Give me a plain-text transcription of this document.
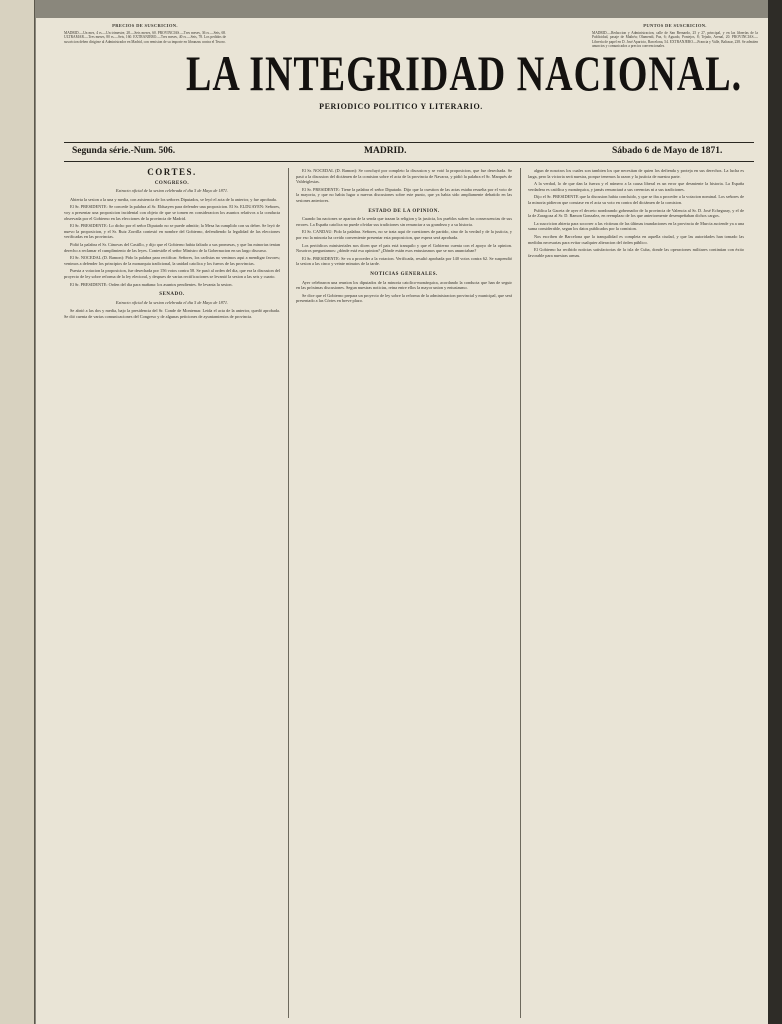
PRECIOS DE SUSCRICION.
MADRID.—Un mes, 4 rs.—Un trimestre, 28.—Seis meses, 60. PROVINCIAS.—Tres meses, 36 rs.—Seis, 68. ULTRAMAR.—Tres meses, 80 rs.—Seis, 160. EXTRANJERO.—Tres meses, 40 rs.—Seis, 78. Los pedidos de suscricion deben dirigirse al Administrador en Madrid, con remision de su importe en libranzas contra el Tesoro.
LA INTEGRIDAD NACIONAL.
PERIODICO POLITICO Y LITERARIO.
PUNTOS DE SUSCRICION.
MADRID.—Redaccion y Administracion, calle de San Bernardo, 25 y 27, principal, y en las librerías de la Publicidad, pasaje de Mathéu; Olamendi, Paz, 6; Aguado, Pontejos, 8; Tejado, Arenal, 20. PROVINCIAS.—Librería de papel en D. José Aparicio, Barcelona, 54. EXTRANJERO.—Francia y Valle, Baltasar, 238. Se admiten anuncios y comunicados a precios convencionales.
Segunda série.-Num. 506.	MADRID.	Sábado 6 de Mayo de 1871.
CÓRTES.
CONGRESO.
Extracto oficial de la sesion celebrada el dia 5 de Mayo de 1871.

Abierta la sesion a la una y media, con asistencia de los señores Diputados, se leyó el acta de la anterior, y fue aprobada.

El Sr. PRESIDENTE: Se concede la palabra al Sr. Elduayen para defender una proposicion. El Sr. ELDUAYEN: Señores, voy a presentar una proposicion incidental con objeto de que se tomen en consideracion los asuntos relativos a la conducta observada por el Gobierno en las elecciones de la provincia de Madrid.

El Sr. PRESIDENTE: Lo dicho por el señor Diputado no se puede admitir; la Mesa ha cumplido con su deber. Se leyó de nuevo la proposicion, y el Sr. Ruiz Zorrilla contestó en nombre del Gobierno, defendiendo la legalidad de las elecciones verificadas en las provincias.

Pidió la palabra el Sr. Cánovas del Castillo, y dijo que el Gobierno habia faltado a sus promesas, y que las minorias tenian derecho a reclamar el cumplimiento de las leyes. Contestóle el señor Ministro de la Gobernacion en un largo discurso.

El Sr. NOCEDAL (D. Ramon): Pido la palabra para rectificar. Señores, los carlistas no venimos aqui a mendigar favores; venimos a defender los principios de la monarquia tradicional, la unidad catolica y los fueros de las provincias.

Puesta a votacion la proposicion, fue desechada por 156 votos contra 58. Se pasó al orden del dia, que era la discusion del proyecto de ley sobre reforma de la ley electoral, y despues de varias rectificaciones se levantó la sesion a las seis y cuarto.

El Sr. PRESIDENTE: Orden del dia para mañana: los asuntos pendientes. Se levanta la sesion.

SENADO.
Extracto oficial de la sesion celebrada el dia 5 de Mayo de 1871.

Se abrió a las dos y media, bajo la presidencia del Sr. Conde de Montemar. Leida el acta de la anterior, quedó aprobada. Se dió cuenta de varias comunicaciones del Congreso y de algunas peticiones de ayuntamientos de provincia.

El Sr. NOCEDAL (D. Ramon): Se concluyó por completo la discusion y se votó la proposicion, que fue desechada. Se pasó a la discusion del dictámen de la comision sobre el acta de la provincia de Navarra, y pidió la palabra el Sr. Marqués de Valdeiglesias.

El Sr. PRESIDENTE: Tiene la palabra el señor Diputado. Dijo que la cuestion de las actas estaba resuelta por el voto de la mayoria, y que no habia lugar a nuevas discusiones sobre este punto, que ya habia sido ampliamente debatido en las sesiones anteriores.

ESTADO DE LA OPINION.

Cuando las naciones se apartan de la senda que trazan la religion y la justicia, los pueblos sufren las consecuencias de sus errores. La España catolica no puede olvidar sus tradiciones sin renunciar a su grandeza y a su historia.

El Sr. CANDAU: Pido la palabra. Señores, no se trata aqui de cuestiones de partido, sino de la verdad y de la justicia, y por eso la minoria ha creido conveniente presentar esta proposicion, que espera será aprobada.

Los periódicos ministeriales nos dicen que el pais está tranquilo y que el Gobierno cuenta con el apoyo de la opinion. Nosotros preguntamos: ¿dónde está esa opinion? ¿Dónde están esos entusiasmos que se nos anunciaban?

El Sr. PRESIDENTE: Se va a proceder a la votacion. Verificada, resultó aprobada por 140 votos contra 62. Se suspendió la sesion a las cinco y veinte minutos de la tarde.

NOTICIAS GENERALES.

Ayer celebraron una reunion los diputados de la minoria catolico-monárquica, acordando la conducta que han de seguir en las próximas discusiones. Segun nuestras noticias, reina entre ellos la mayor union y entusiasmo.

Se dice que el Gobierno prepara un proyecto de ley sobre la reforma de la administracion provincial y municipal, que será presentado a las Córtes en breve plazo.

algun de nosotros los cuales son tambien los que necesitan de quien los defienda y proteja en sus derechos. La lucha es larga, pero la victoria será nuestra, porque tenemos la razon y la justicia de nuestra parte.

A la verdad, lo de que dan la fuerza y el número a la causa liberal es un error que desmiente la historia. La España verdadera es católica y monárquica, y jamás renunciará a sus creencias ni a sus tradiciones.

Dijo el Sr. PRESIDENTE que la discusion habia concluido, y que se iba a proceder a la votacion nominal. Los señores de la minoria pidieron que constase en el acta su voto en contra del dictámen de la comision.

Publica la Gaceta de ayer el decreto nombrando gobernador de la provincia de Valencia al Sr. D. José Echegaray, y el de la de Zaragoza al Sr. D. Ramon Gonzalez, en reemplazo de los que anteriormente desempeñaban dichos cargos.

La suscricion abierta para socorrer a las víctimas de las últimas inundaciones en la provincia de Murcia asciende ya a una suma considerable, segun los datos publicados por la comision.

Nos escriben de Barcelona que la tranquilidad es completa en aquella ciudad, y que las autoridades han tomado las medidas necesarias para evitar cualquier alteracion del órden público.

El Gobierno ha recibido noticias satisfactorias de la isla de Cuba, donde las operaciones militares continúan con éxito favorable para nuestras armas.
